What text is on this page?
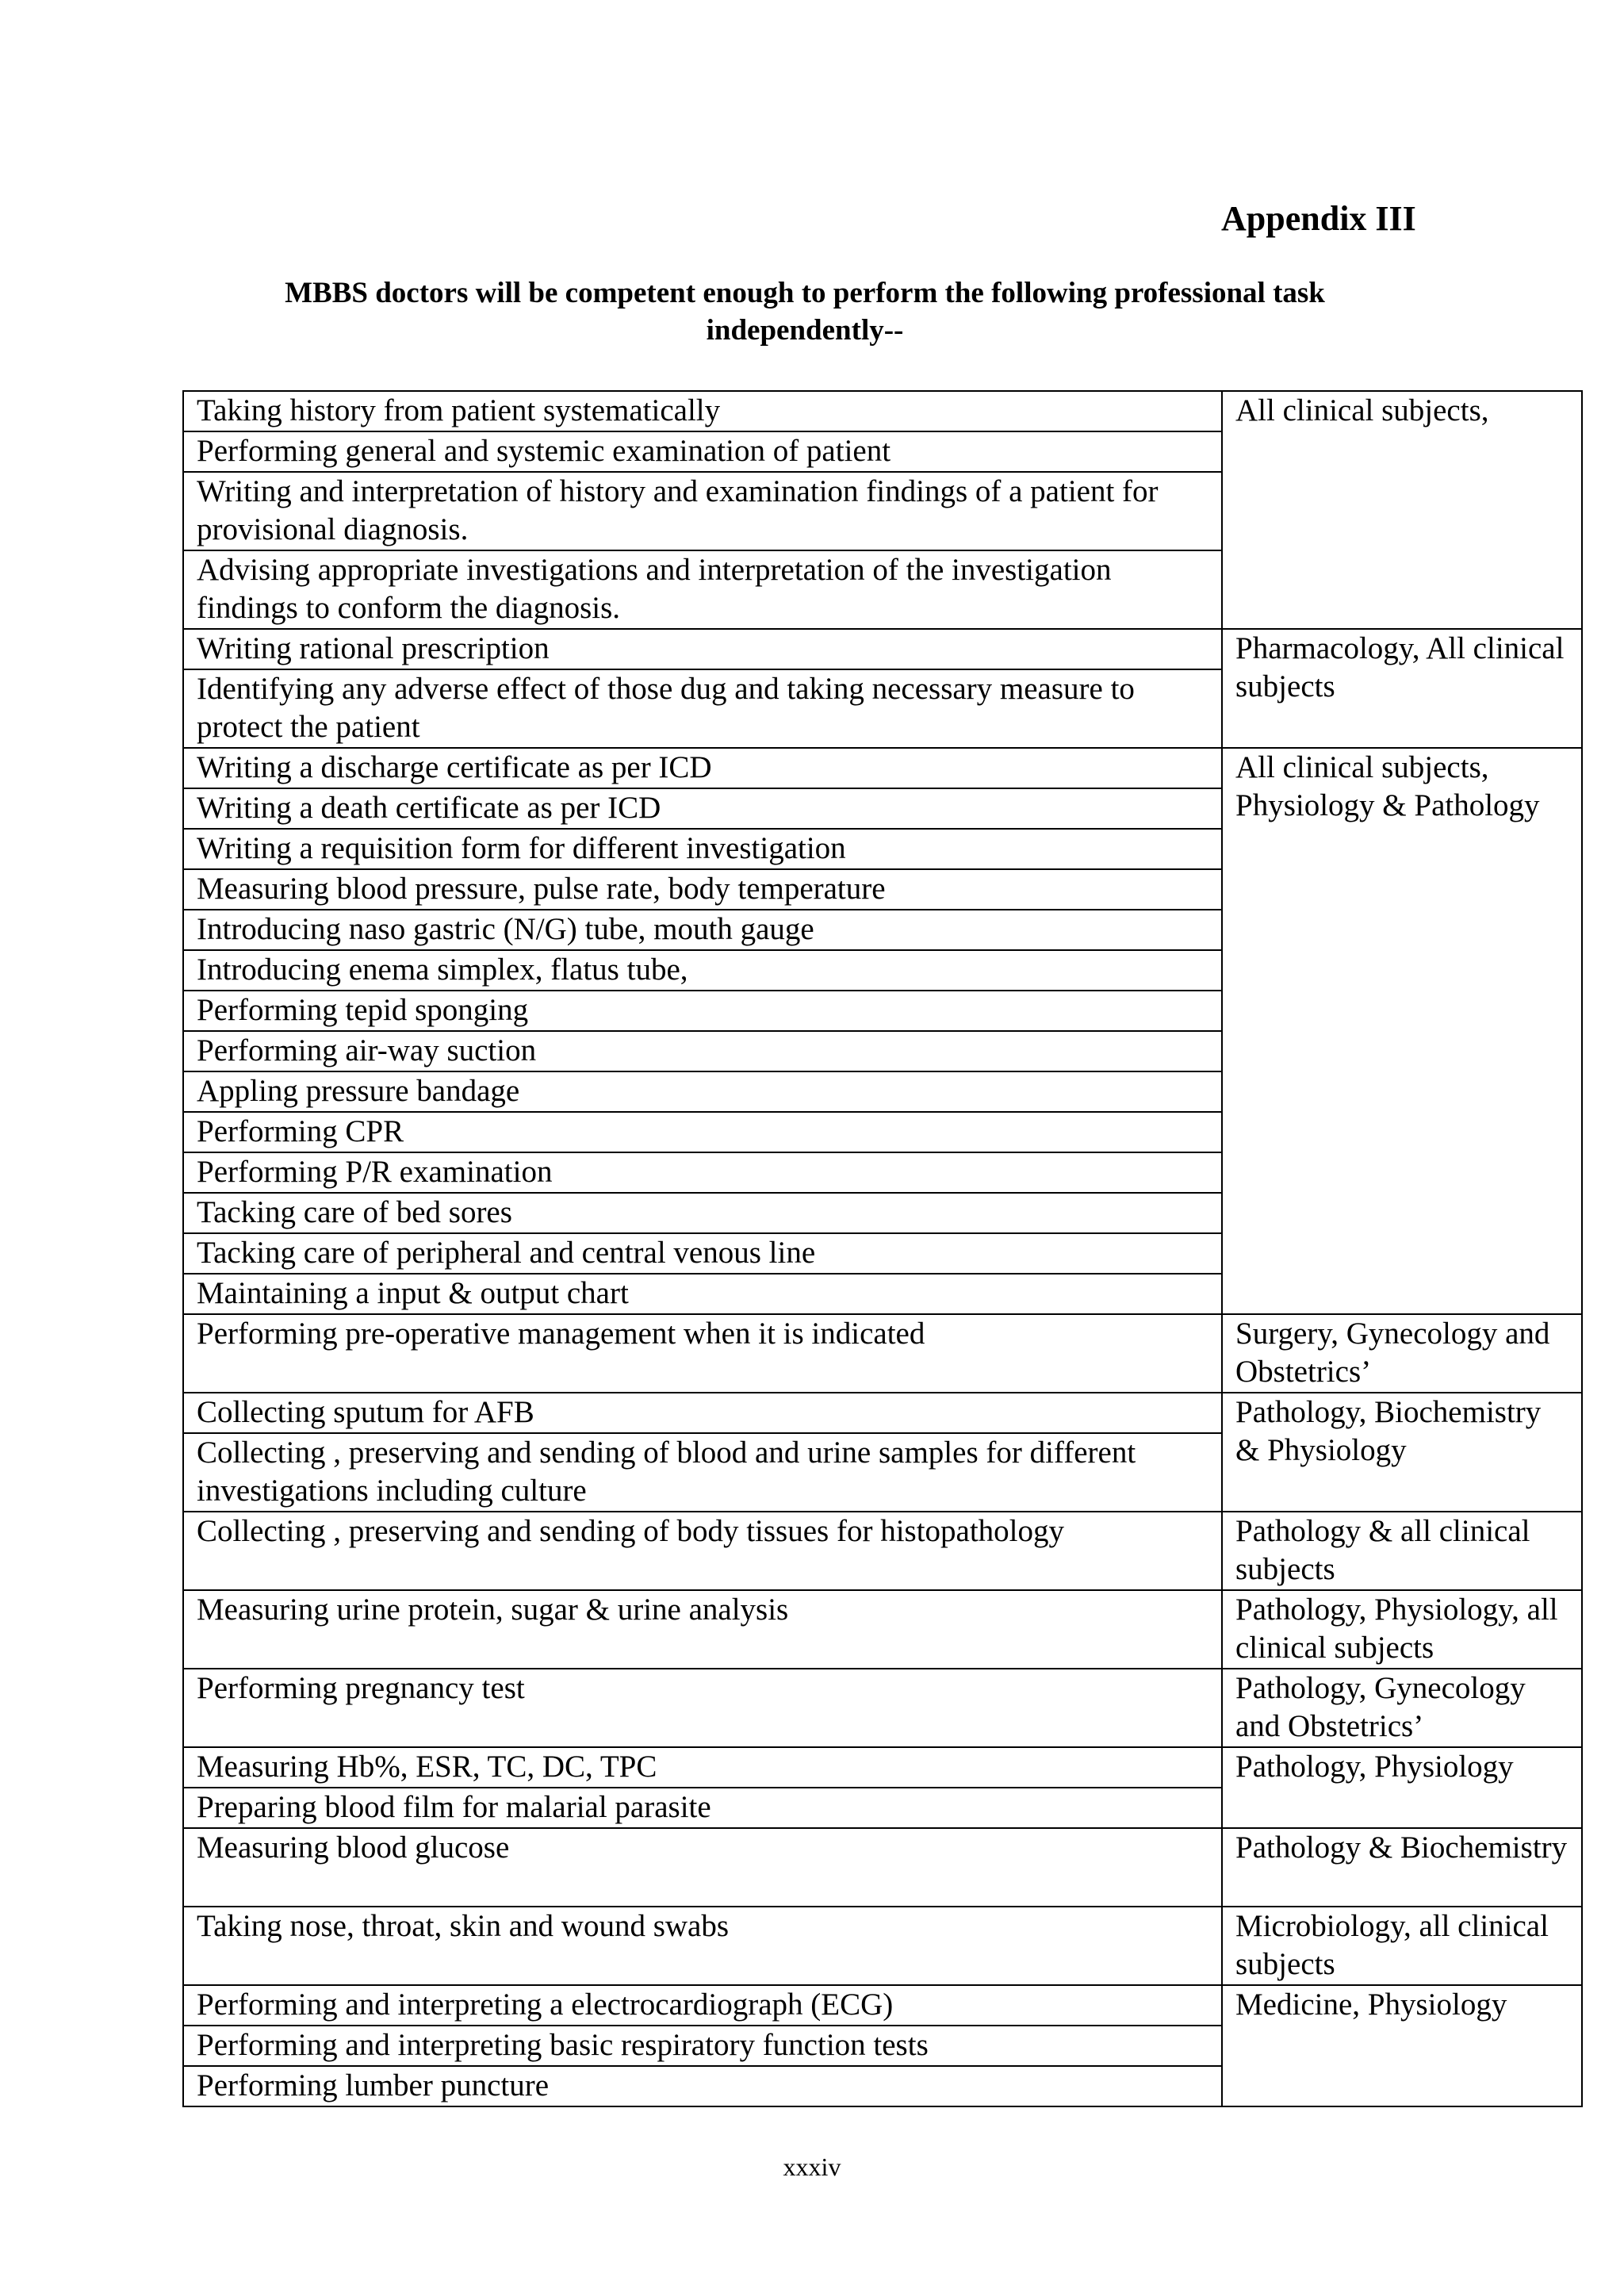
Appendix III
MBBS doctors will be competent enough to perform the following professional task independently--
Taking history from patient systematically	All clinical subjects,
Performing general and systemic examination of patient	
Writing and interpretation of history and examination findings of a patient for provisional diagnosis.	
Advising appropriate investigations and interpretation of the investigation findings to conform the diagnosis.	
Writing rational prescription	Pharmacology, All clinical subjects
Identifying any adverse effect of those dug and taking necessary measure to protect the patient	
Writing a discharge certificate as per ICD	All clinical subjects, Physiology & Pathology
Writing a death certificate as per ICD	
Writing a requisition form for different investigation	
Measuring blood pressure, pulse rate, body temperature	
Introducing naso gastric (N/G) tube, mouth gauge	
Introducing enema simplex, flatus tube,	
Performing tepid sponging	
Performing air-way suction	
Appling pressure bandage	
Performing CPR	
Performing P/R examination	
Tacking care of bed sores	
Tacking care of peripheral and central venous line	
Maintaining a input & output chart	
Performing pre-operative management when it is indicated	Surgery, Gynecology and Obstetrics’
Collecting sputum for AFB	Pathology, Biochemistry & Physiology
Collecting , preserving and sending of blood and urine samples for different investigations including culture	
Collecting , preserving and sending of body tissues for histopathology	Pathology & all clinical subjects
Measuring urine protein, sugar & urine analysis	Pathology, Physiology, all clinical subjects
Performing pregnancy test	Pathology, Gynecology and Obstetrics’
Measuring Hb%, ESR, TC, DC, TPC	Pathology, Physiology
Preparing blood film for malarial parasite	
Measuring blood glucose	Pathology & Biochemistry
Taking nose, throat, skin and wound swabs	Microbiology, all clinical subjects
Performing and interpreting a electrocardiograph (ECG)	Medicine, Physiology
Performing and interpreting basic respiratory function tests	
Performing lumber puncture	
xxxiv
